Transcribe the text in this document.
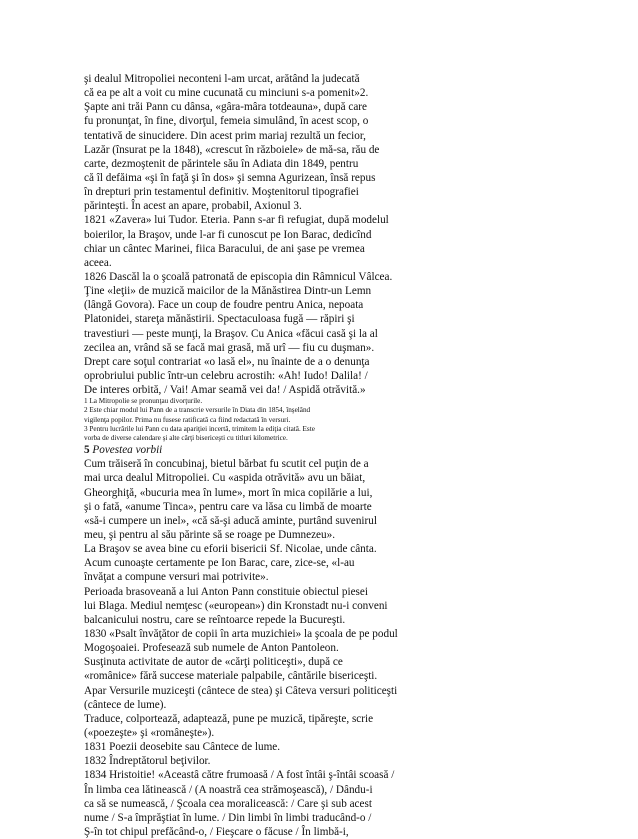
şi dealul Mitropoliei neconteni l-am urcat, arătând la judecată
că ea pe alt a voit cu mine cucunată cu minciuni s-a pomenit»2.
Şapte ani trăi Pann cu dânsa, «gâra-mâra totdeauna», după care
fu pronunţat, în fine, divorţul, femeia simulând, în acest scop, o
tentativă de sinucidere. Din acest prim mariaj rezultă un fecior,
Lazăr (însurat pe la 1848), «crescut în războiele» de mă-sa, rău de
carte, dezmoştenit de părintele său în Adiata din 1849, pentru
că îl defăima «şi în faţă şi în dos» şi semna Agurizean, însă repus
în drepturi prin testamentul definitiv. Moştenitorul tipografiei
părinteşti. În acest an apare, probabil, Axionul 3.
1821 «Zavera» lui Tudor. Eteria. Pann s-ar fi refugiat, după modelul
boierilor, la Braşov, unde l-ar fi cunoscut pe Ion Barac, dedicînd
chiar un cântec Marinei, fiica Baracului, de ani şase pe vremea
aceea.
1826 Dascăl la o şcoală patronată de episcopia din Râmnicul Vâlcea.
Ţine «leţii» de muzică maicilor de la Mănăstirea Dintr-un Lemn
(lângă Govora). Face un coup de foudre pentru Anica, nepoata
Platonidei, stareţa mănăstirii. Spectaculoasa fugă — răpiri şi
travestiuri — peste munţi, la Braşov. Cu Anica «făcui casă şi la al
zecilea an, vrând să se facă mai grasă, mă urî — fiu cu duşman».
Drept care soţul contrariat «o lasă el», nu înainte de a o denunţa
oprobriului public într-un celebru acrostih: «Ah! Iudo! Dalila! /
De interes orbită, / Vai! Amar seamă vei da! / Aspidă otrăvită.»
1 La Mitropolie se pronunţau divorţurile.
2 Este chiar modul lui Pann de a transcrie versurile în Diata din 1854, înşelând
vigilenţa popilor. Prima nu fusese ratificată ca fiind redactată în versuri.
3 Pentru lucrările lui Pann cu data apariţiei incertă, trimitem la ediţia citată. Este
vorba de diverse calendare şi alte cărţi bisericeşti cu titluri kilometrice.
5 Povestea vorbii
Cum trăiseră în concubinaj, bietul bărbat fu scutit cel puţin de a
mai urca dealul Mitropoliei. Cu «aspida otrăvită» avu un băiat,
Gheorghiţă, «bucuria mea în lume», mort în mica copilărie a lui,
şi o fată, «anume Tinca», pentru care va lăsa cu limbă de moarte
«să-i cumpere un inel», «că să-şi aducă aminte, purtând suvenirul
meu, şi pentru al său părinte să se roage pe Dumnezeu».
La Braşov se avea bine cu eforii bisericii Sf. Nicolae, unde cânta.
Acum cunoaşte certamente pe Ion Barac, care, zice-se, «l-au
învăţat a compune versuri mai potrivite».
Perioada brasoveană a lui Anton Pann constituie obiectul piesei
lui Blaga. Mediul nemţesc («european») din Kronstadt nu-i conveni
balcanicului nostru, care se reîntoarce repede la Bucureşti.
1830 «Psalt învăţător de copii în arta muzichiei» la şcoala de pe podul
Mogoşoaiei. Profesează sub numele de Anton Pantoleon.
Susţinuta activitate de autor de «cărţi politiceşti», după ce
«româniсe» fără succese materiale palpabile, cântările bisericeşti.
Apar Versurile muziceşti (cântece de stea) şi Câteva versuri politiceşti
(cântece de lume).
Traduce, colportează, adaptează, pune pe muzică, tipăreşte, scrie
(«poezeşte» şi «româneşte»).
1831 Poezii deosebite sau Cântece de lume.
1832 Îndreptătorul beţivilor.
1834 Hristoitie! «Aceastâ către frumoasă / A fost întâi ş-întâi scoasă /
În limba cea lătinească / (A noastră cea strămoşească), / Dându-i
ca să se numească, / Şcoala cea moralicească: / Care şi sub acest
nume / S-a împrăştiat în lume. / Din limbi în limbi traducând-o /
Ş-în tot chipul prefăcând-o, / Fieşcare o făcuse / În limbă-i,
